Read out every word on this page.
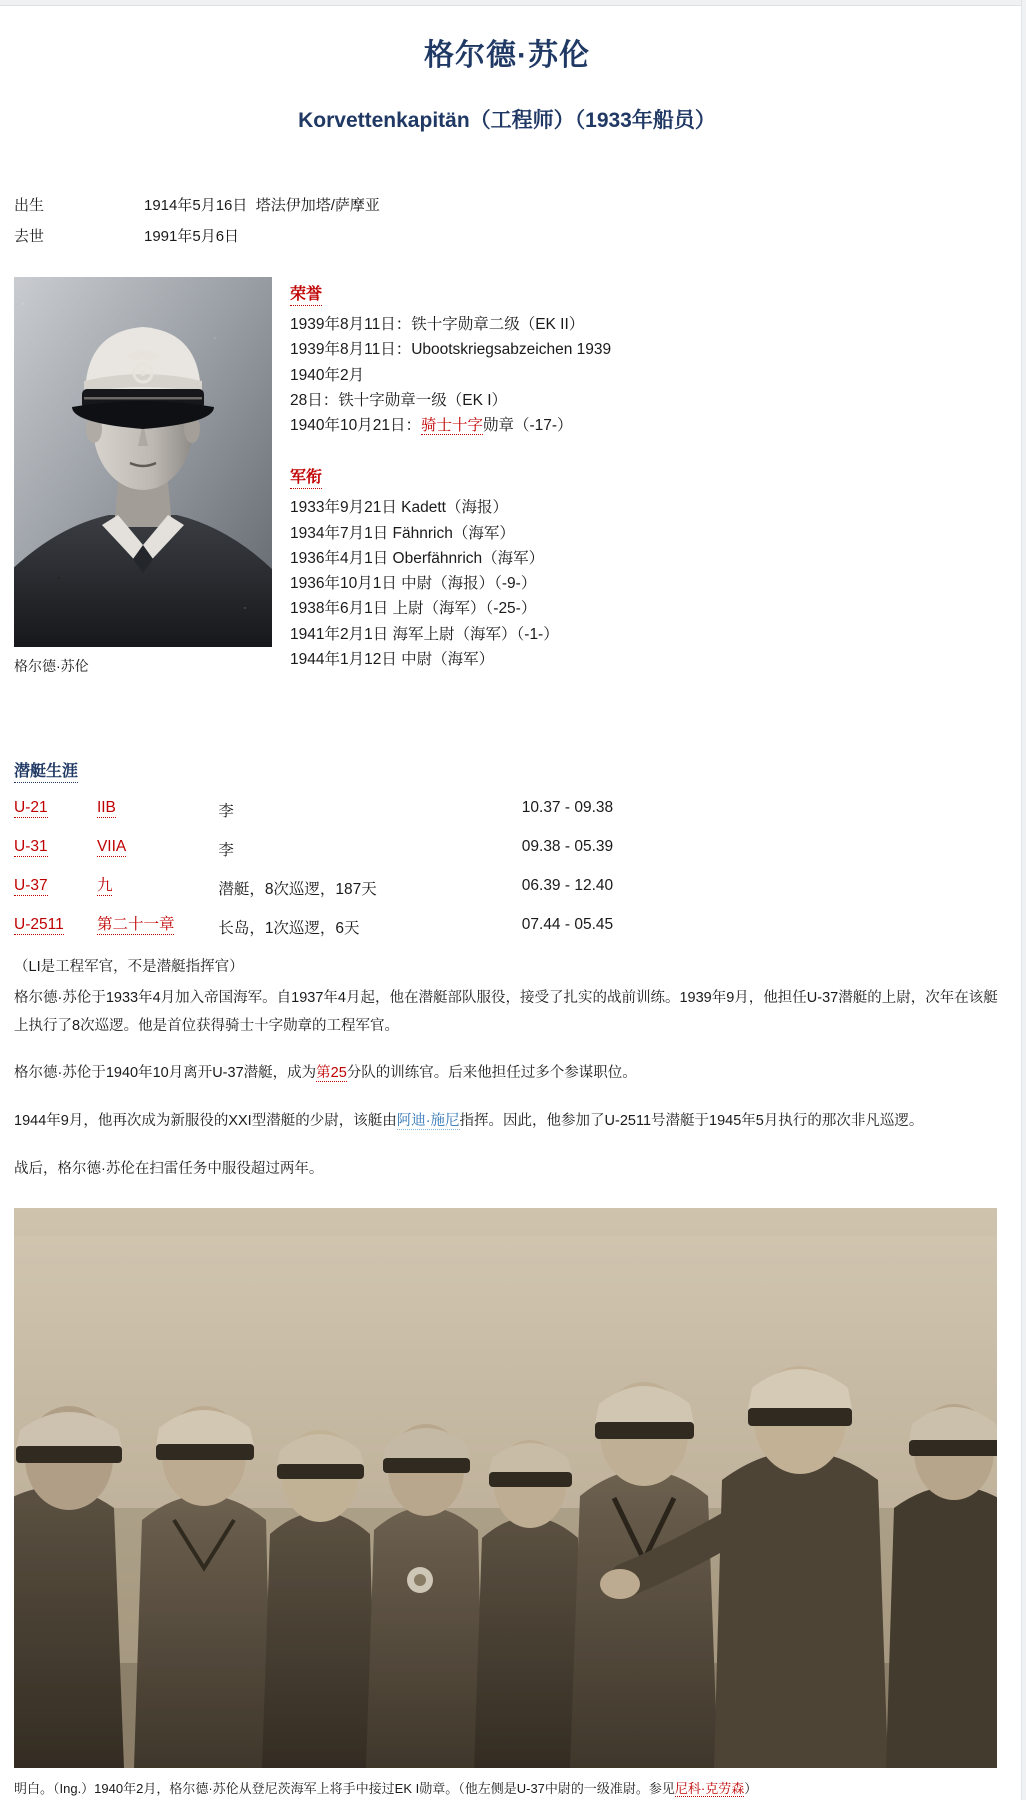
格尔德·苏伦
Korvettenkapitän（工程师）（1933年船员）
出生	1914年5月16日  塔法伊加塔/萨摩亚
去世	1991年5月6日
格尔德·苏伦
荣誉
1939年8月11日：铁十字勋章二级（EK II）
1939年8月11日：Ubootskriegsabzeichen 1939
1940年2月
28日：铁十字勋章一级（EK I）
1940年10月21日：骑士十字勋章（-17-）
军衔
1933年9月21日 Kadett（海报）
1934年7月1日 Fähnrich（海军）
1936年4月1日 Oberfähnrich（海军）
1936年10月1日 中尉（海报）（-9-）
1938年6月1日 上尉（海军）（-25-）
1941年2月1日 海军上尉（海军）（-1-）
1944年1月12日 中尉（海军）
潜艇生涯
U-21	IIB	李	10.37 - 09.38
U-31	VIIA	李	09.38 - 05.39
U-37	九	潜艇，8次巡逻，187天	06.39 - 12.40
U-2511	第二十一章	长岛，1次巡逻，6天	07.44 - 05.45
（LI是工程军官，不是潜艇指挥官）

格尔德·苏伦于1933年4月加入帝国海军。自1937年4月起，他在潜艇部队服役，接受了扎实的战前训练。1939年9月，他担任U-37潜艇的上尉，次年在该艇上执行了8次巡逻。他是首位获得骑士十字勋章的工程军官。

格尔德·苏伦于1940年10月离开U-37潜艇，成为第25分队的训练官。后来他担任过多个参谋职位。

1944年9月，他再次成为新服役的XXI型潜艇的少尉，该艇由阿迪·施尼指挥。因此，他参加了U-2511号潜艇于1945年5月执行的那次非凡巡逻。

战后，格尔德·苏伦在扫雷任务中服役超过两年。

明白。（Ing.）1940年2月，格尔德·苏伦从登尼茨海军上将手中接过EK I勋章。（他左侧是U-37中尉的一级准尉。参见尼科·克劳森）
